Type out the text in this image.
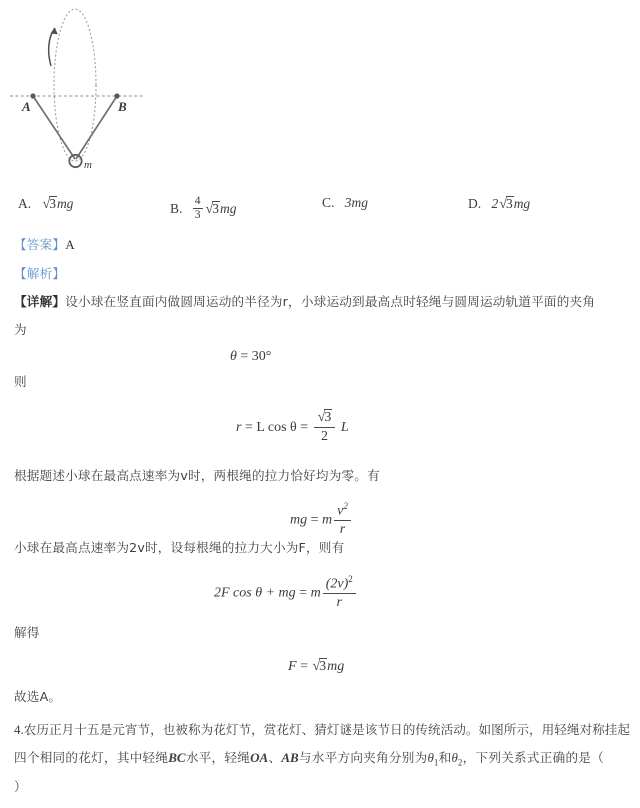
A	B
m
A. √3mg	B. $\frac{4}{3} √3mg$	C. 3mg	D. 2√3mg
【答案】A
【解析】
【详解】设小球在竖直面内做圆周运动的半径为r，小球运动到最高点时轻绳与圆周运动轨道平面的夹角
为
θ = 30°
则
r = L $\cos \theta = \frac{√3}{2}$ L
根据题述小球在最高点速率为v时，两根绳的拉力恰好均为零。有
mg = m $\frac{v^2}{r}$
小球在最高点速率为2v时，设每根绳的拉力大小为F，则有
2F cos θ + mg = m $\frac{(2v)^2}{r}$
解得
F = √3mg
故选A。
4.农历正月十五是元宵节，也被称为花灯节，赏花灯、猜灯谜是该节日的传统活动。如图所示，用轻绳对称挂起四个相同的花灯，其中轻绳BC水平，轻绳OA、AB与水平方向夹角分别为$\theta_1$和$\theta_2$，下列关系式正确的是（）
